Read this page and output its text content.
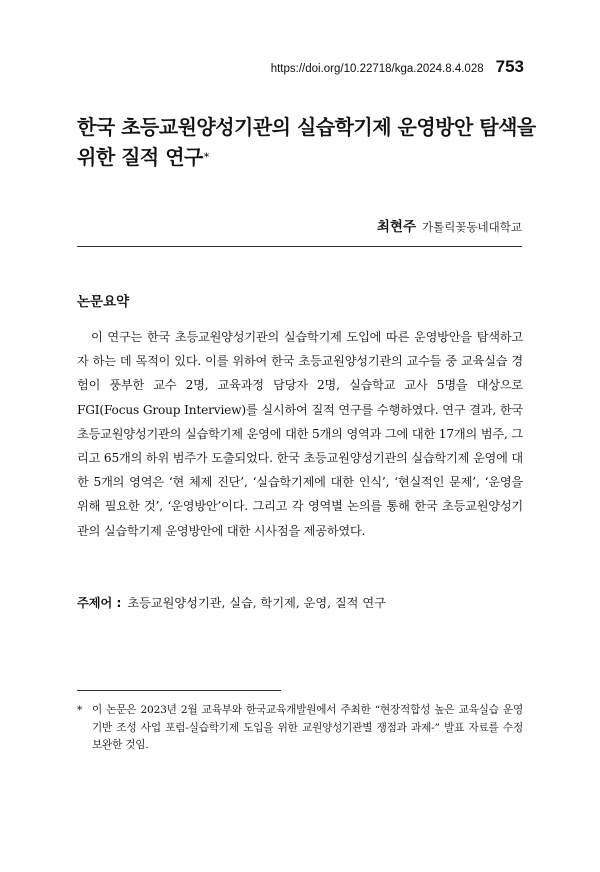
https://doi.org/10.22718/kga.2024.8.4.028 753
한국 초등교원양성기관의 실습학기제 운영방안 탐색을 위한 질적 연구*
최현주 가톨릭꽃동네대학교
논문요약

이 연구는 한국 초등교원양성기관의 실습학기제 도입에 따른 운영방안을 탐색하고자 하는 데 목적이 있다. 이를 위하여 한국 초등교원양성기관의 교수들 중 교육실습 경험이 풍부한 교수 2명, 교육과정 담당자 2명, 실습학교 교사 5명을 대상으로 FGI(Focus Group Interview)를 실시하여 질적 연구를 수행하였다. 연구 결과, 한국 초등교원양성기관의 실습학기제 운영에 대한 5개의 영역과 그에 대한 17개의 범주, 그리고 65개의 하위 범주가 도출되었다. 한국 초등교원양성기관의 실습학기제 운영에 대한 5개의 영역은 ‘현 체제 진단’, ‘실습학기제에 대한 인식’, ‘현실적인 문제’, ‘운영을 위해 필요한 것’, ‘운영방안’이다. 그리고 각 영역별 논의를 통해 한국 초등교원양성기관의 실습학기제 운영방안에 대한 시사점을 제공하였다.

주제어 : 초등교원양성기관, 실습, 학기제, 운영, 질적 연구
* 이 논문은 2023년 2월 교육부와 한국교육개발원에서 주최한 “현장적합성 높은 교육실습 운영 기반 조성 사업 포럼-실습학기제 도입을 위한 교원양성기관별 쟁점과 과제-” 발표 자료를 수정 보완한 것임.
